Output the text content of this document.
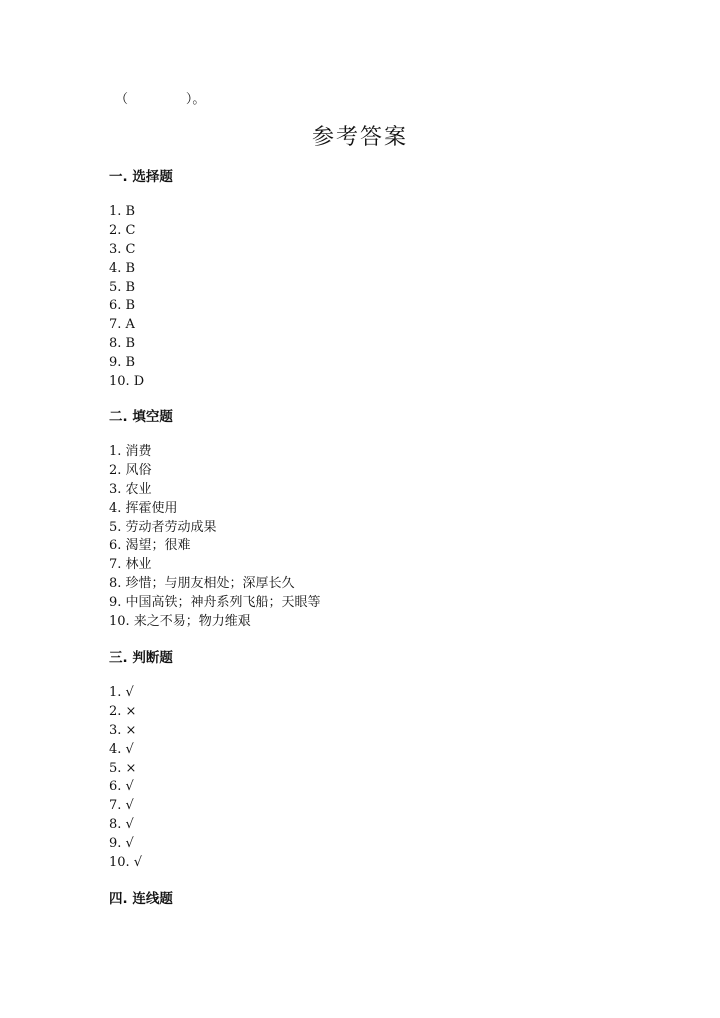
（	）。
参考答案
一. 选择题
1. B
2. C
3. C
4. B
5. B
6. B
7. A
8. B
9. B
10. D
二. 填空题
1. 消费
2. 风俗
3. 农业
4. 挥霍使用
5. 劳动者劳动成果
6. 渴望；很难
7. 林业
8. 珍惜；与朋友相处；深厚长久
9. 中国高铁；神舟系列飞船；天眼等
10. 来之不易；物力维艰
三. 判断题
1. √
2. ×
3. ×
4. √
5. ×
6. √
7. √
8. √
9. √
10. √
四. 连线题
